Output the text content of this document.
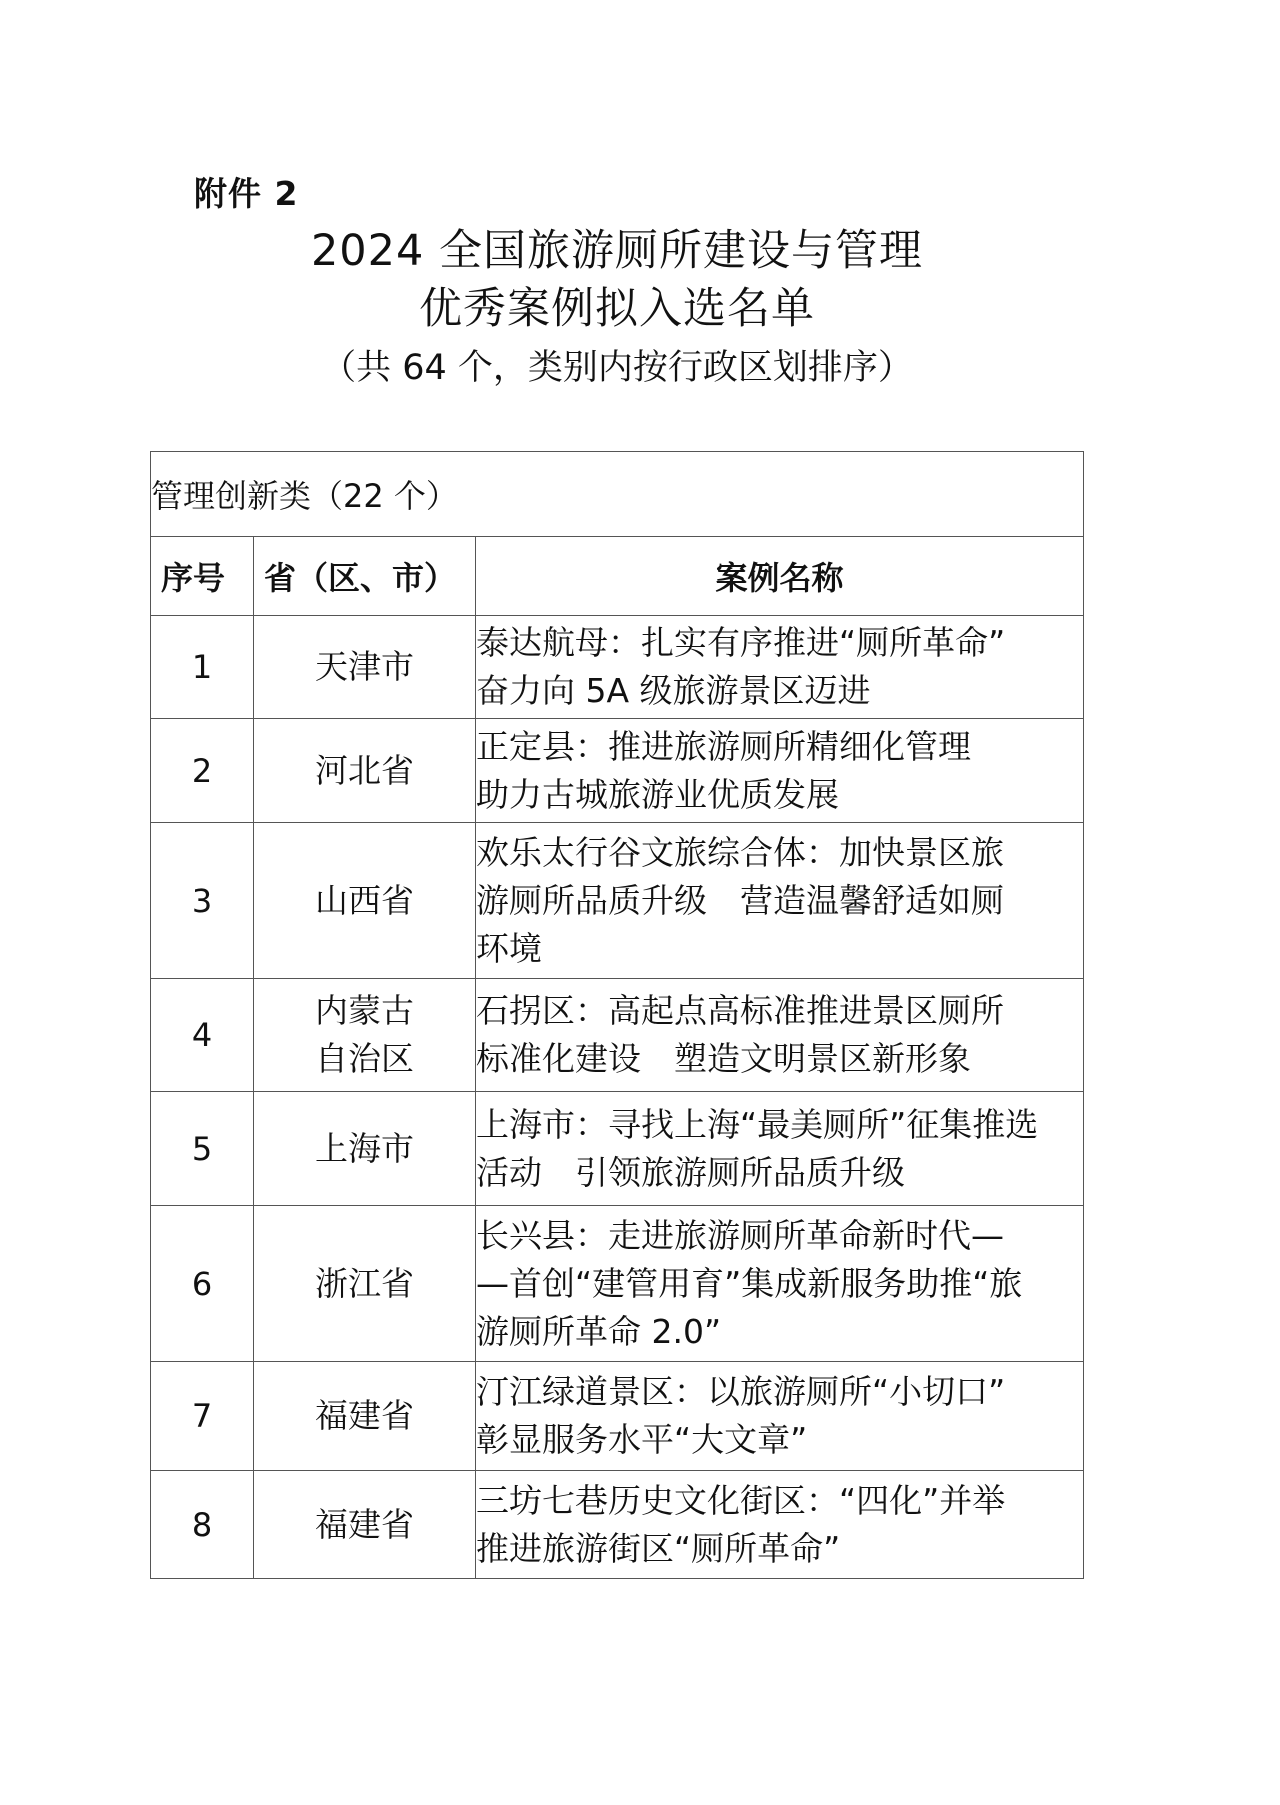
附件 2
2024 全国旅游厕所建设与管理
优秀案例拟入选名单
（共 64 个，类别内按行政区划排序）
管理创新类（22 个）		
序号	省（区、市）	案例名称
1	天津市	泰达航母：扎实有序推进“厕所革命”
奋力向 5A 级旅游景区迈进

2	河北省	正定县：推进旅游厕所精细化管理
助力古城旅游业优质发展

3	山西省	欢乐太行谷文旅综合体：加快景区旅
游厕所品质升级　营造温馨舒适如厕
环境

4	内蒙古
自治区	石拐区：高起点高标准推进景区厕所
标准化建设　塑造文明景区新形象

5	上海市	上海市：寻找上海“最美厕所”征集推选
活动　引领旅游厕所品质升级

6	浙江省	长兴县：走进旅游厕所革命新时代—
—首创“建管用育”集成新服务助推“旅
游厕所革命 2.0”

7	福建省	汀江绿道景区：以旅游厕所“小切口”
彰显服务水平“大文章”

8	福建省	三坊七巷历史文化街区：“四化”并举
推进旅游街区“厕所革命”
